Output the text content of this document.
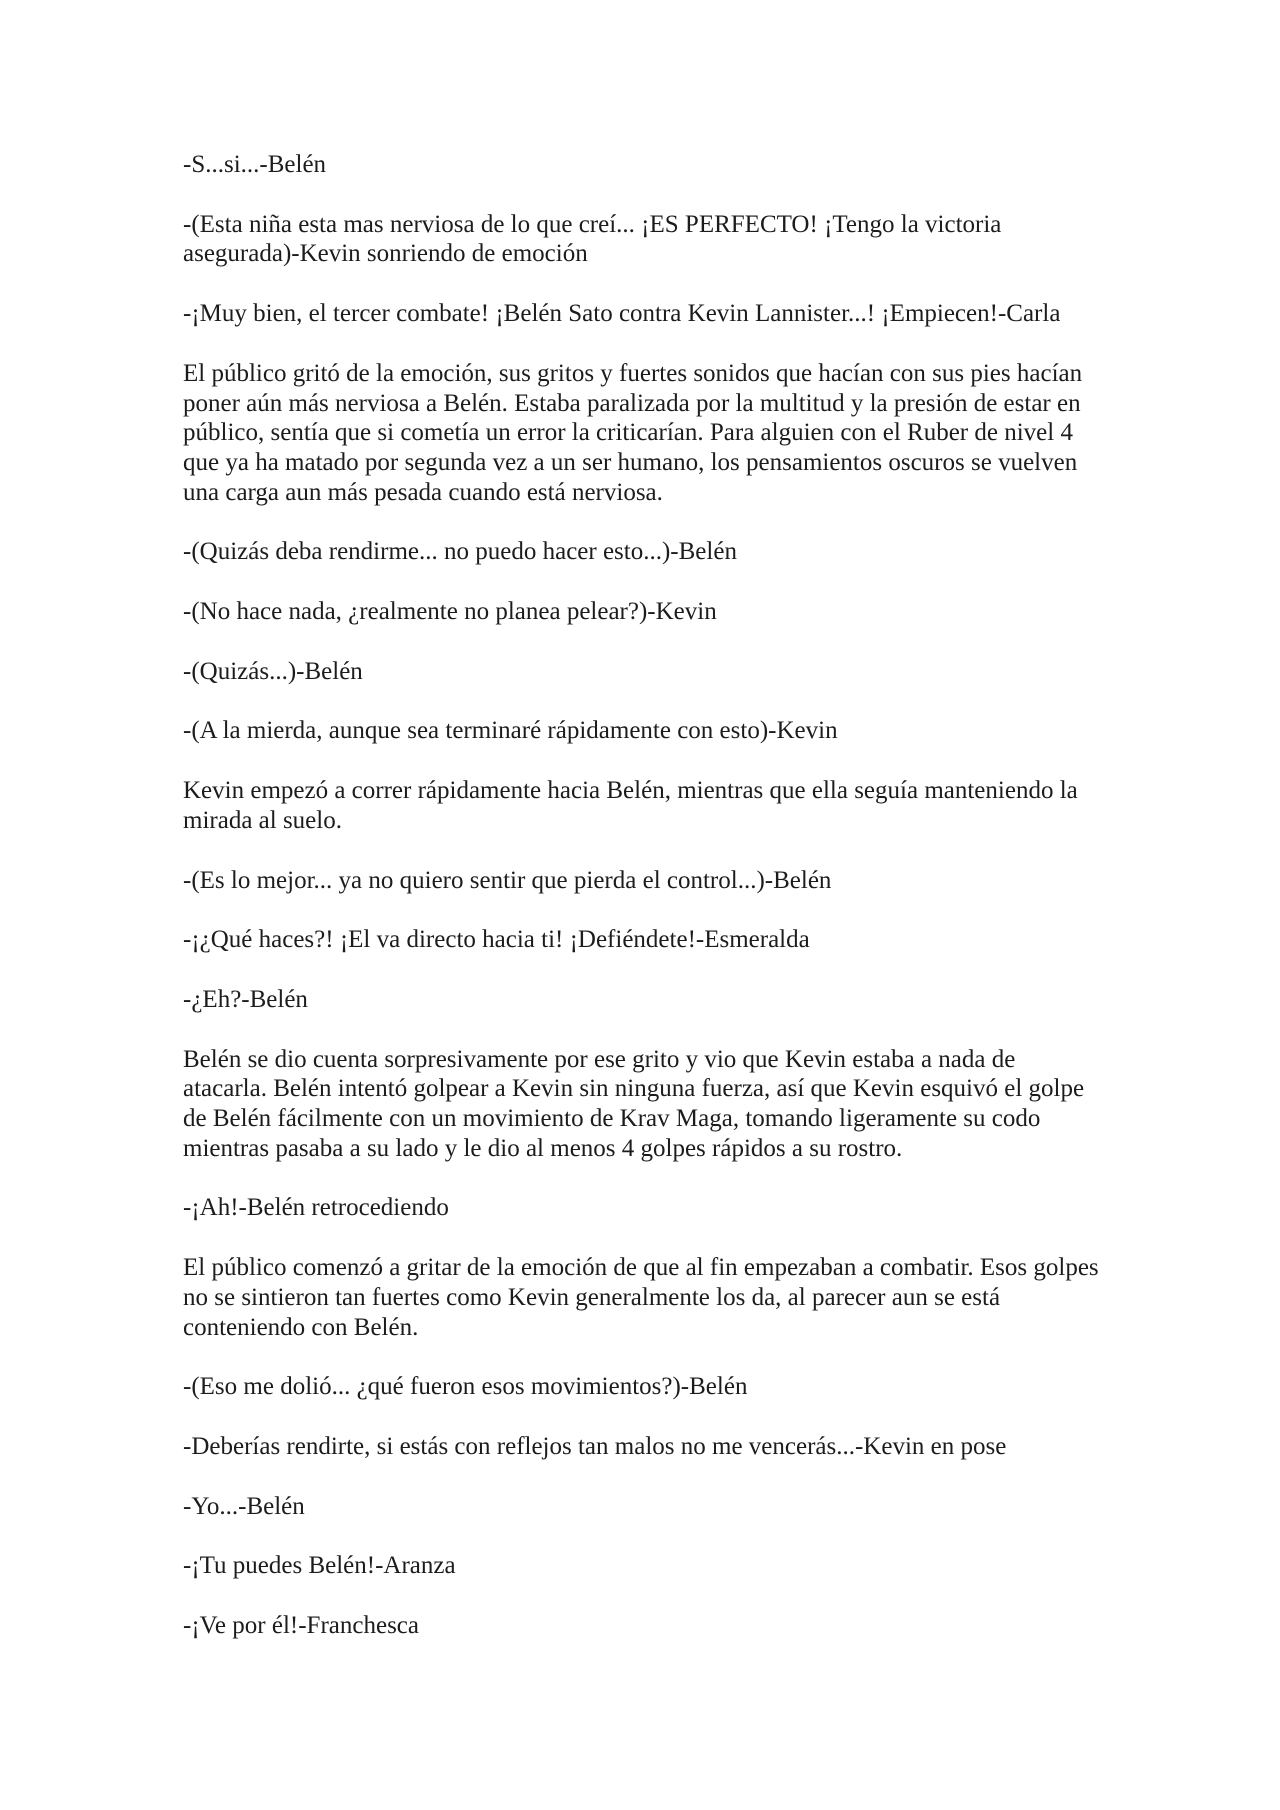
-S...si...-Belén

-(Esta niña esta mas nerviosa de lo que creí... ¡ES PERFECTO! ¡Tengo la victoria asegurada)-Kevin sonriendo de emoción

-¡Muy bien, el tercer combate! ¡Belén Sato contra Kevin Lannister...! ¡Empiecen!-Carla

El público gritó de la emoción, sus gritos y fuertes sonidos que hacían con sus pies hacían poner aún más nerviosa a Belén. Estaba paralizada por la multitud y la presión de estar en público, sentía que si cometía un error la criticarían. Para alguien con el Ruber de nivel 4 que ya ha matado por segunda vez a un ser humano, los pensamientos oscuros se vuelven una carga aun más pesada cuando está nerviosa.

-(Quizás deba rendirme... no puedo hacer esto...)-Belén

-(No hace nada, ¿realmente no planea pelear?)-Kevin

-(Quizás...)-Belén

-(A la mierda, aunque sea terminaré rápidamente con esto)-Kevin

Kevin empezó a correr rápidamente hacia Belén, mientras que ella seguía manteniendo la mirada al suelo.

-(Es lo mejor... ya no quiero sentir que pierda el control...)-Belén

-¡¿Qué haces?! ¡El va directo hacia ti! ¡Defiéndete!-Esmeralda

-¿Eh?-Belén

Belén se dio cuenta sorpresivamente por ese grito y vio que Kevin estaba a nada de atacarla. Belén intentó golpear a Kevin sin ninguna fuerza, así que Kevin esquivó el golpe de Belén fácilmente con un movimiento de Krav Maga, tomando ligeramente su codo mientras pasaba a su lado y le dio al menos 4 golpes rápidos a su rostro.

-¡Ah!-Belén retrocediendo

El público comenzó a gritar de la emoción de que al fin empezaban a combatir. Esos golpes no se sintieron tan fuertes como Kevin generalmente los da, al parecer aun se está conteniendo con Belén.

-(Eso me dolió... ¿qué fueron esos movimientos?)-Belén

-Deberías rendirte, si estás con reflejos tan malos no me vencerás...-Kevin en pose

-Yo...-Belén

-¡Tu puedes Belén!-Aranza

-¡Ve por él!-Franchesca
